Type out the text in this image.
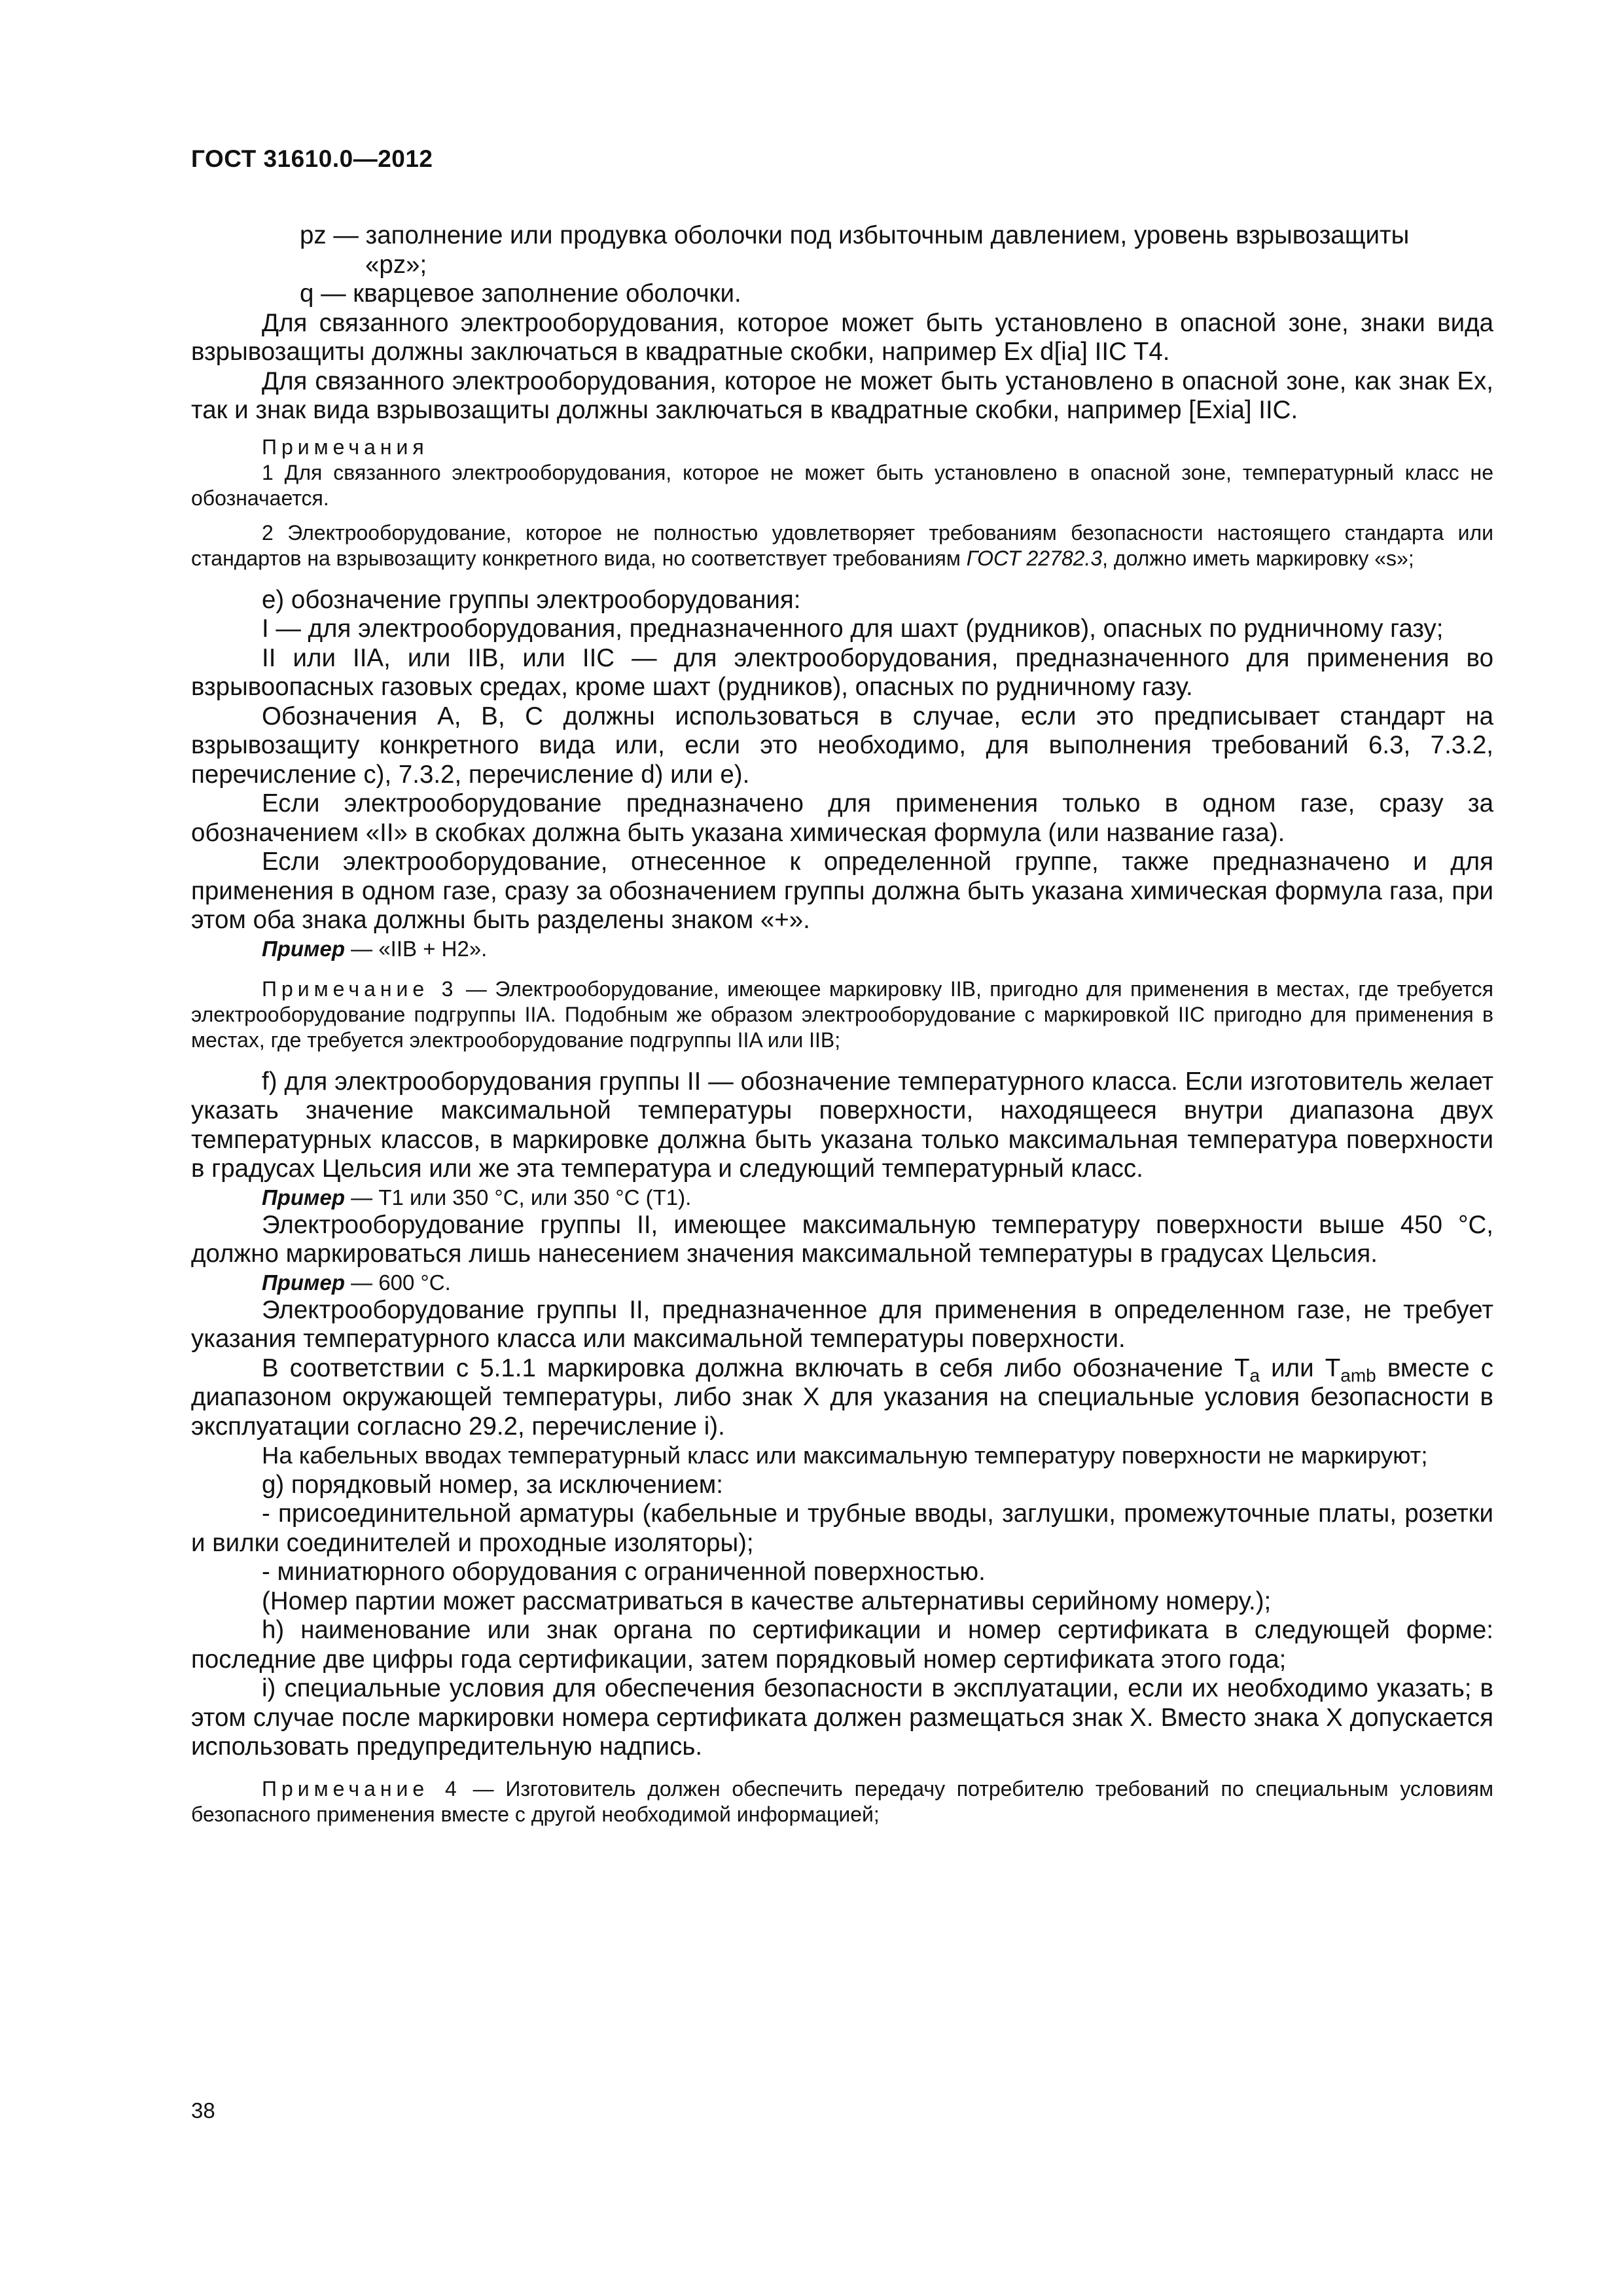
ГОСТ 31610.0—2012

pz — заполнение или продувка оболочки под избыточным давлением, уровень взрывозащиты
«pz»;

q — кварцевое заполнение оболочки.

Для связанного электрооборудования, которое может быть установлено в опасной зоне, знаки вида взрывозащиты должны заключаться в квадратные скобки, например Ex d[ia] IIC T4.

Для связанного электрооборудования, которое не может быть установлено в опасной зоне, как знак Ex, так и знак вида взрывозащиты должны заключаться в квадратные скобки, например [Exia] IIC.

Примечания

1 Для связанного электрооборудования, которое не может быть установлено в опасной зоне, температурный класс не обозначается.

2 Электрооборудование, которое не полностью удовлетворяет требованиям безопасности настоящего стандарта или стандартов на взрывозащиту конкретного вида, но соответствует требованиям ГОСТ 22782.3, должно иметь маркировку «s»;

e) обозначение группы электрооборудования:

I — для электрооборудования, предназначенного для шахт (рудников), опасных по рудничному газу;

II или IIA, или IIB, или IIC — для электрооборудования, предназначенного для применения во взрывоопасных газовых средах, кроме шахт (рудников), опасных по рудничному газу.

Обозначения A, B, C должны использоваться в случае, если это предписывает стандарт на взрывозащиту конкретного вида или, если это необходимо, для выполнения требований 6.3, 7.3.2, перечисление c), 7.3.2, перечисление d) или e).

Если электрооборудование предназначено для применения только в одном газе, сразу за обозначением «II» в скобках должна быть указана химическая формула (или название газа).

Если электрооборудование, отнесенное к определенной группе, также предназначено и для применения в одном газе, сразу за обозначением группы должна быть указана химическая формула газа, при этом оба знака должны быть разделены знаком «+».

Пример — «IIB + H2».

Примечание 3 — Электрооборудование, имеющее маркировку IIB, пригодно для применения в местах, где требуется электрооборудование подгруппы IIA. Подобным же образом электрооборудование с маркировкой IIC пригодно для применения в местах, где требуется электрооборудование подгруппы IIA или IIB;

f) для электрооборудования группы II — обозначение температурного класса. Если изготовитель желает указать значение максимальной температуры поверхности, находящееся внутри диапазона двух температурных классов, в маркировке должна быть указана только максимальная температура поверхности в градусах Цельсия или же эта температура и следующий температурный класс.

Пример — T1 или 350 °C, или 350 °C (T1).

Электрооборудование группы II, имеющее максимальную температуру поверхности выше 450 °C, должно маркироваться лишь нанесением значения максимальной температуры в градусах Цельсия.

Пример — 600 °C.

Электрооборудование группы II, предназначенное для применения в определенном газе, не требует указания температурного класса или максимальной температуры поверхности.

В соответствии с 5.1.1 маркировка должна включать в себя либо обозначение $T_a$ или $T_{amb}$ вместе с диапазоном окружающей температуры, либо знак X для указания на специальные условия безопасности в эксплуатации согласно 29.2, перечисление i).

На кабельных вводах температурный класс или максимальную температуру поверхности не маркируют;

g) порядковый номер, за исключением:

- присоединительной арматуры (кабельные и трубные вводы, заглушки, промежуточные платы, розетки и вилки соединителей и проходные изоляторы);

- миниатюрного оборудования с ограниченной поверхностью.

(Номер партии может рассматриваться в качестве альтернативы серийному номеру.);

h) наименование или знак органа по сертификации и номер сертификата в следующей форме: последние две цифры года сертификации, затем порядковый номер сертификата этого года;

i) специальные условия для обеспечения безопасности в эксплуатации, если их необходимо указать; в этом случае после маркировки номера сертификата должен размещаться знак X. Вместо знака X допускается использовать предупредительную надпись.

Примечание 4 — Изготовитель должен обеспечить передачу потребителю требований по специальным условиям безопасного применения вместе с другой необходимой информацией;

38
